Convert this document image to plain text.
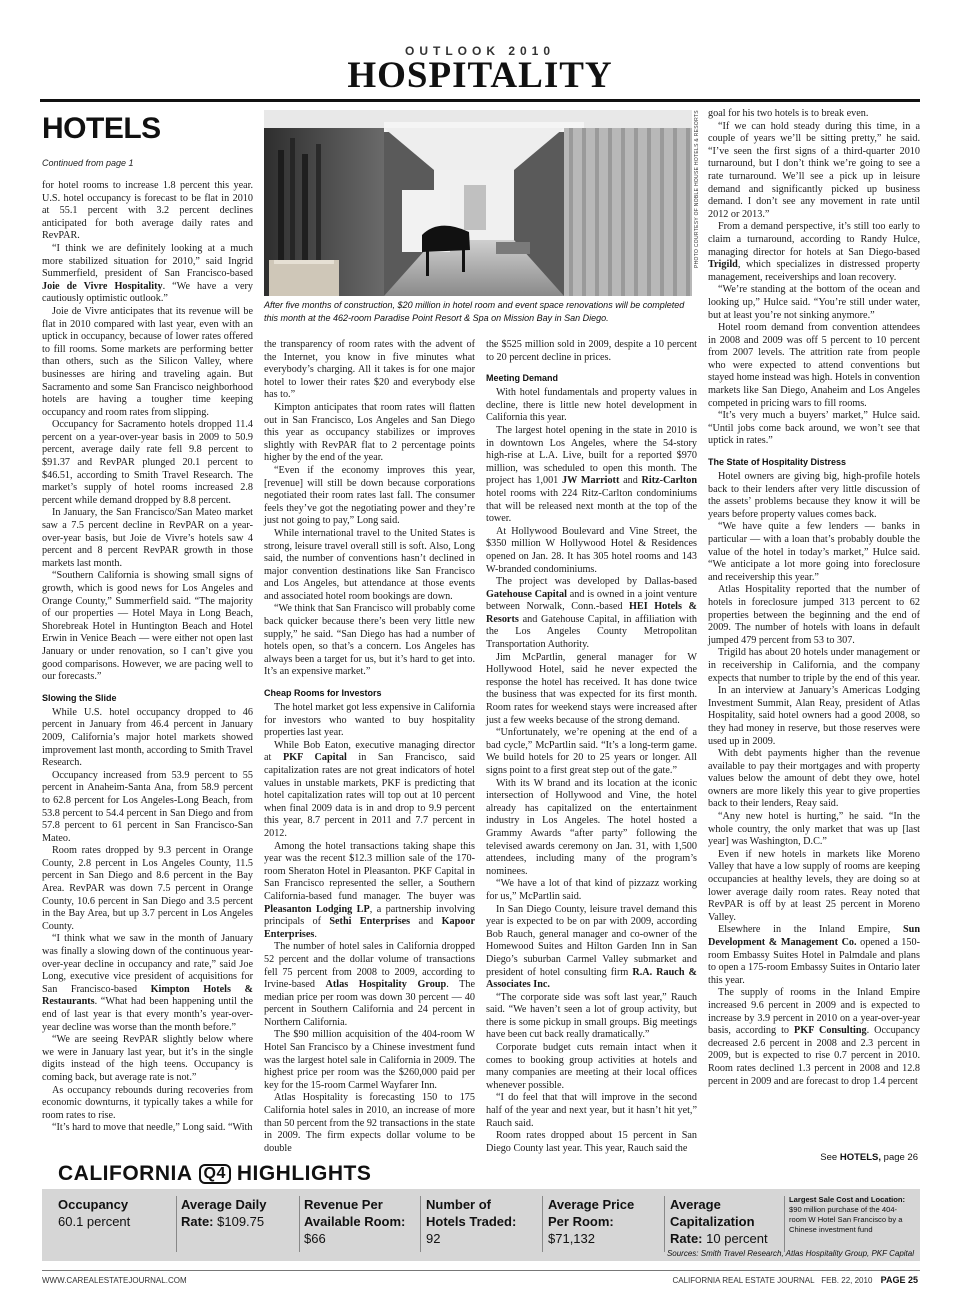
OUTLOOK 2010
HOSPITALITY
HOTELS
Continued from page 1	PHOTO COURTESY OF NOBLE HOUSE HOTELS & RESORTS
After five months of construction, $20 million in hotel room and event space renovations will be completed this month at the 462-room Paradise Point Resort & Spa on Mission Bay in San Diego.

for hotel rooms to increase 1.8 percent this year. U.S. hotel occupancy is forecast to be flat in 2010 at 55.1 percent with 3.2 percent declines anticipated for both average daily rates and RevPAR.

“I think we are definitely looking at a much more stabilized situation for 2010,” said Ingrid Summerfield, president of San Francisco-based Joie de Vivre Hospitality. “We have a very cautiously optimistic outlook.”

Joie de Vivre anticipates that its revenue will be flat in 2010 compared with last year, even with an uptick in occupancy, because of lower rates offered to fill rooms. Some markets are performing better than others, such as the Silicon Valley, where businesses are hiring and traveling again. But Sacramento and some San Francisco neighborhood hotels are having a tougher time keeping occupancy and room rates from slipping.

Occupancy for Sacramento hotels dropped 11.4 percent on a year-over-year basis in 2009 to 50.9 percent, average daily rate fell 9.8 percent to $91.37 and RevPAR plunged 20.1 percent to $46.51, according to Smith Travel Research. The market’s supply of hotel rooms increased 2.8 percent while demand dropped by 8.8 percent.

In January, the San Francisco/San Mateo market saw a 7.5 percent decline in RevPAR on a year-over-year basis, but Joie de Vivre’s hotels saw 4 percent and 8 percent RevPAR growth in those markets last month.

“Southern California is showing small signs of growth, which is good news for Los Angeles and Orange County,” Summerfield said. “The majority of our properties — Hotel Maya in Long Beach, Shorebreak Hotel in Huntington Beach and Hotel Erwin in Venice Beach — were either not open last January or under renovation, so I can’t give you good comparisons. However, we are pacing well to our forecasts.”

Slowing the Slide

While U.S. hotel occupancy dropped to 46 percent in January from 46.4 percent in January 2009, California’s major hotel markets showed improvement last month, according to Smith Travel Research.

Occupancy increased from 53.9 percent to 55 percent in Anaheim-Santa Ana, from 58.9 percent to 62.8 percent for Los Angeles-Long Beach, from 53.8 percent to 54.4 percent in San Diego and from 57.8 percent to 61 percent in San Francisco-San Mateo.

Room rates dropped by 9.3 percent in Orange County, 2.8 percent in Los Angeles County, 11.5 percent in San Diego and 8.6 percent in the Bay Area. RevPAR was down 7.5 percent in Orange County, 10.6 percent in San Diego and 3.5 percent in the Bay Area, but up 3.7 percent in Los Angeles County.

“I think what we saw in the month of January was finally a slowing down of the continuous year-over-year decline in occupancy and rate,” said Joe Long, executive vice president of acquisitions for San Francisco-based Kimpton Hotels & Restaurants. “What had been happening until the end of last year is that every month’s year-over-year decline was worse than the month before.”

“We are seeing RevPAR slightly below where we were in January last year, but it’s in the single digits instead of the high teens. Occupancy is coming back, but average rate is not.”

As occupancy rebounds during recoveries from economic downturns, it typically takes a while for room rates to rise.

“It’s hard to move that needle,” Long said. “With

the transparency of room rates with the advent of the Internet, you know in five minutes what everybody’s charging. All it takes is for one major hotel to lower their rates $20 and everybody else has to.”

Kimpton anticipates that room rates will flatten out in San Francisco, Los Angeles and San Diego this year as occupancy stabilizes or improves slightly with RevPAR flat to 2 percentage points higher by the end of the year.

“Even if the economy improves this year, [revenue] will still be down because corporations negotiated their room rates last fall. The consumer feels they’ve got the negotiating power and they’re just not going to pay,” Long said.

While international travel to the United States is strong, leisure travel overall still is soft. Also, Long said, the number of conventions hasn’t declined in major convention destinations like San Francisco and Los Angeles, but attendance at those events and associated hotel room bookings are down.

“We think that San Francisco will probably come back quicker because there’s been very little new supply,” he said. “San Diego has had a number of hotels open, so that’s a concern. Los Angeles has always been a target for us, but it’s hard to get into. It’s an expensive market.”

Cheap Rooms for Investors

The hotel market got less expensive in California for investors who wanted to buy hospitality properties last year.

While Bob Eaton, executive managing director at PKF Capital in San Francisco, said capitalization rates are not great indicators of hotel values in unstable markets, PKF is predicting that hotel capitalization rates will top out at 10 percent when final 2009 data is in and drop to 9.9 percent this year, 8.7 percent in 2011 and 7.7 percent in 2012.

Among the hotel transactions taking shape this year was the recent $12.3 million sale of the 170-room Sheraton Hotel in Pleasanton. PKF Capital in San Francisco represented the seller, a Southern California-based fund manager. The buyer was Pleasanton Lodging LP, a partnership involving principals of Sethi Enterprises and Kapoor Enterprises.

The number of hotel sales in California dropped 52 percent and the dollar volume of transactions fell 75 percent from 2008 to 2009, according to Irvine-based Atlas Hospitality Group. The median price per room was down 30 percent — 40 percent in Southern California and 24 percent in Northern California.

The $90 million acquisition of the 404-room W Hotel San Francisco by a Chinese investment fund was the largest hotel sale in California in 2009. The highest price per room was the $260,000 paid per key for the 15-room Carmel Wayfarer Inn.

Atlas Hospitality is forecasting 150 to 175 California hotel sales in 2010, an increase of more than 50 percent from the 92 transactions in the state in 2009. The firm expects dollar volume to be double

the $525 million sold in 2009, despite a 10 percent to 20 percent decline in prices.

Meeting Demand

With hotel fundamentals and property values in decline, there is little new hotel development in California this year.

The largest hotel opening in the state in 2010 is in downtown Los Angeles, where the 54-story high-rise at L.A. Live, built for a reported $970 million, was scheduled to open this month. The project has 1,001 JW Marriott and Ritz-Carlton hotel rooms with 224 Ritz-Carlton condominiums that will be released next month at the top of the tower.

At Hollywood Boulevard and Vine Street, the $350 million W Hollywood Hotel & Residences opened on Jan. 28. It has 305 hotel rooms and 143 W-branded condominiums.

The project was developed by Dallas-based Gatehouse Capital and is owned in a joint venture between Norwalk, Conn.-based HEI Hotels & Resorts and Gatehouse Capital, in affiliation with the Los Angeles County Metropolitan Transportation Authority.

Jim McPartlin, general manager for W Hollywood Hotel, said he never expected the response the hotel has received. It has done twice the business that was expected for its first month. Room rates for weekend stays were increased after just a few weeks because of the strong demand.

“Unfortunately, we’re opening at the end of a bad cycle,” McPartlin said. “It’s a long-term game. We build hotels for 20 to 25 years or longer. All signs point to a first great step out of the gate.”

With its W brand and its location at the iconic intersection of Hollywood and Vine, the hotel already has capitalized on the entertainment industry in Los Angeles. The hotel hosted a Grammy Awards “after party” following the televised awards ceremony on Jan. 31, with 1,500 attendees, including many of the program’s nominees.

“We have a lot of that kind of pizzazz working for us,” McPartlin said.

In San Diego County, leisure travel demand this year is expected to be on par with 2009, according Bob Rauch, general manager and co-owner of the Homewood Suites and Hilton Garden Inn in San Diego’s suburban Carmel Valley submarket and president of hotel consulting firm R.A. Rauch & Associates Inc.

“The corporate side was soft last year,” Rauch said. “We haven’t seen a lot of group activity, but there is some pickup in small groups. Big meetings have been cut back really dramatically.”

Corporate budget cuts remain intact when it comes to booking group activities at hotels and many companies are meeting at their local offices whenever possible.

“I do feel that that will improve in the second half of the year and next year, but it hasn’t hit yet,” Rauch said.

Room rates dropped about 15 percent in San Diego County last year. This year, Rauch said the

goal for his two hotels is to break even.

“If we can hold steady during this time, in a couple of years we’ll be sitting pretty,” he said. “I’ve seen the first signs of a third-quarter 2010 turnaround, but I don’t think we’re going to see a rate turnaround. We’ll see a pick up in leisure demand and significantly picked up business demand. I don’t see any movement in rate until 2012 or 2013.”

From a demand perspective, it’s still too early to claim a turnaround, according to Randy Hulce, managing director for hotels at San Diego-based Trigild, which specializes in distressed property management, receiverships and loan recovery.

“We’re standing at the bottom of the ocean and looking up,” Hulce said. “You’re still under water, but at least you’re not sinking anymore.”

Hotel room demand from convention attendees in 2008 and 2009 was off 5 percent to 10 percent from 2007 levels. The attrition rate from people who were expected to attend conventions but stayed home instead was high. Hotels in convention markets like San Diego, Anaheim and Los Angeles competed in pricing wars to fill rooms.

“It’s very much a buyers’ market,” Hulce said. “Until jobs come back around, we won’t see that uptick in rates.”

The State of Hospitality Distress

Hotel owners are giving big, high-profile hotels back to their lenders after very little discussion of the assets’ problems because they know it will be years before property values comes back.

“We have quite a few lenders — banks in particular — with a loan that’s probably double the value of the hotel in today’s market,” Hulce said. “We anticipate a lot more going into foreclosure and receivership this year.”

Atlas Hospitality reported that the number of hotels in foreclosure jumped 313 percent to 62 properties between the beginning and the end of 2009. The number of hotels with loans in default jumped 479 percent from 53 to 307.

Trigild has about 20 hotels under management or in receivership in California, and the company expects that number to triple by the end of this year.

In an interview at January’s Americas Lodging Investment Summit, Alan Reay, president of Atlas Hospitality, said hotel owners had a good 2008, so they had money in reserve, but those reserves were used up in 2009.

With debt payments higher than the revenue available to pay their mortgages and with property values below the amount of debt they owe, hotel owners are more likely this year to give properties back to their lenders, Reay said.

“Any new hotel is hurting,” he said. “In the whole country, the only market that was up [last year] was Washington, D.C.”

Even if new hotels in markets like Moreno Valley that have a low supply of rooms are keeping occupancies at healthy levels, they are doing so at lower average daily room rates. Reay noted that RevPAR is off by at least 25 percent in Moreno Valley.

Elsewhere in the Inland Empire, Sun Development & Management Co. opened a 150-room Embassy Suites Hotel in Palmdale and plans to open a 175-room Embassy Suites in Ontario later this year.

The supply of rooms in the Inland Empire increased 9.6 percent in 2009 and is expected to increase by 3.9 percent in 2010 on a year-over-year basis, according to PKF Consulting. Occupancy decreased 2.6 percent in 2008 and 2.3 percent in 2009, but is expected to rise 0.7 percent in 2010. Room rates declined 1.3 percent in 2008 and 12.8 percent in 2009 and are forecast to drop 1.4 percent

See HOTELS, page 26
CALIFORNIA Q4 HIGHLIGHTS
Occupancy
60.1 percent
Average Daily
Rate: $109.75
Revenue Per
Available Room:
$66
Number of
Hotels Traded:
92
Average Price
Per Room:
$71,132
Average
Capitalization
Rate: 10 percent
Largest Sale Cost and Location: $90 million purchase of the 404-room W Hotel San Francisco by a Chinese investment fund
Sources: Smith Travel Research, Atlas Hospitality Group, PKF Capital
WWW.CAREALESTATEJOURNAL.COM	CALIFORNIA REAL ESTATE JOURNAL FEB. 22, 2010 PAGE 25
